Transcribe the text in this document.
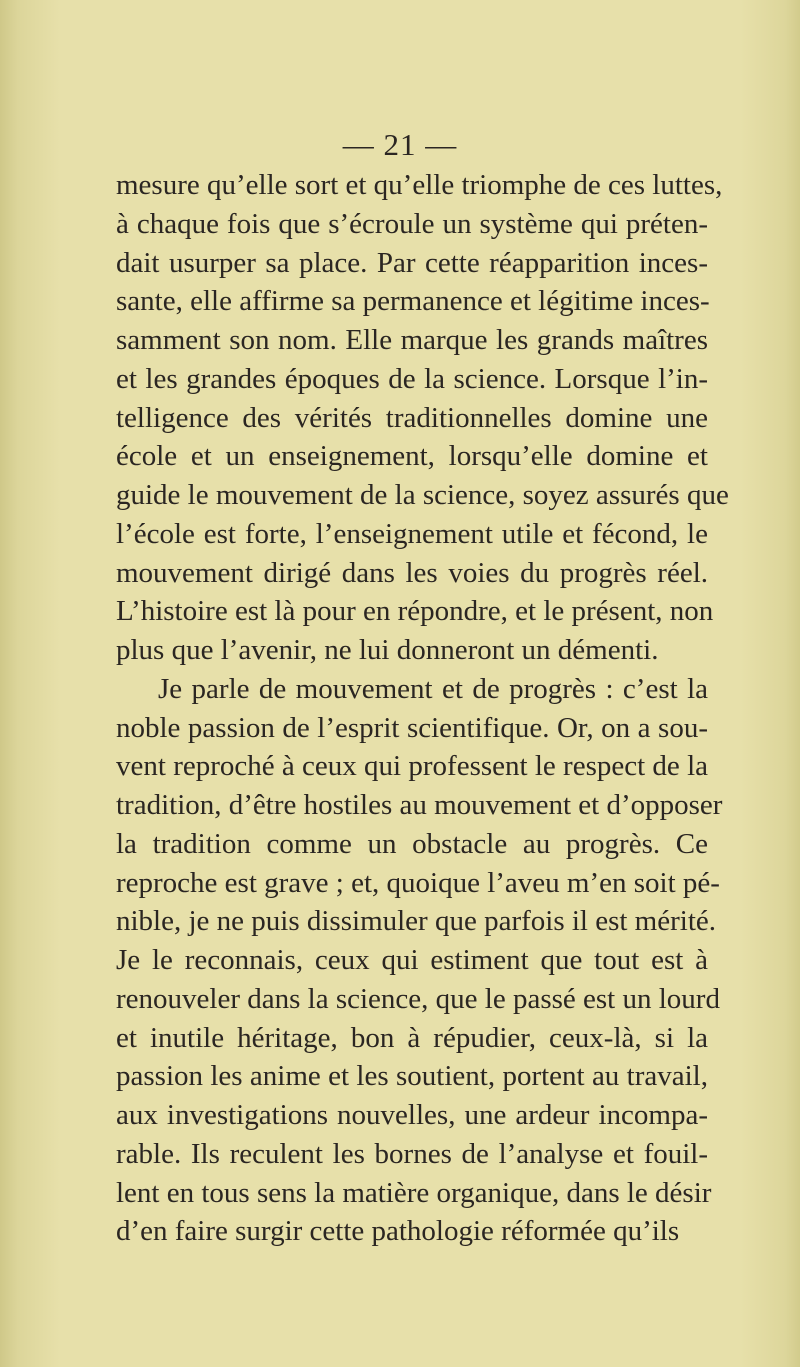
— 21 —
mesure qu’elle sort et qu’elle triomphe de ces luttes,
à chaque fois que s’écroule un système qui préten-
dait usurper sa place. Par cette réapparition inces-
sante, elle affirme sa permanence et légitime inces-
samment son nom. Elle marque les grands maîtres
et les grandes époques de la science. Lorsque l’in-
telligence des vérités traditionnelles domine une
école et un enseignement, lorsqu’elle domine et
guide le mouvement de la science, soyez assurés que
l’école est forte, l’enseignement utile et fécond, le
mouvement dirigé dans les voies du progrès réel.
L’histoire est là pour en répondre, et le présent, non
plus que l’avenir, ne lui donneront un démenti.
Je parle de mouvement et de progrès : c’est la
noble passion de l’esprit scientifique. Or, on a sou-
vent reproché à ceux qui professent le respect de la
tradition, d’être hostiles au mouvement et d’opposer
la tradition comme un obstacle au progrès. Ce
reproche est grave ; et, quoique l’aveu m’en soit pé-
nible, je ne puis dissimuler que parfois il est mérité.
Je le reconnais, ceux qui estiment que tout est à
renouveler dans la science, que le passé est un lourd
et inutile héritage, bon à répudier, ceux-là, si la
passion les anime et les soutient, portent au travail,
aux investigations nouvelles, une ardeur incompa-
rable. Ils reculent les bornes de l’analyse et fouil-
lent en tous sens la matière organique, dans le désir
d’en faire surgir cette pathologie réformée qu’ils
